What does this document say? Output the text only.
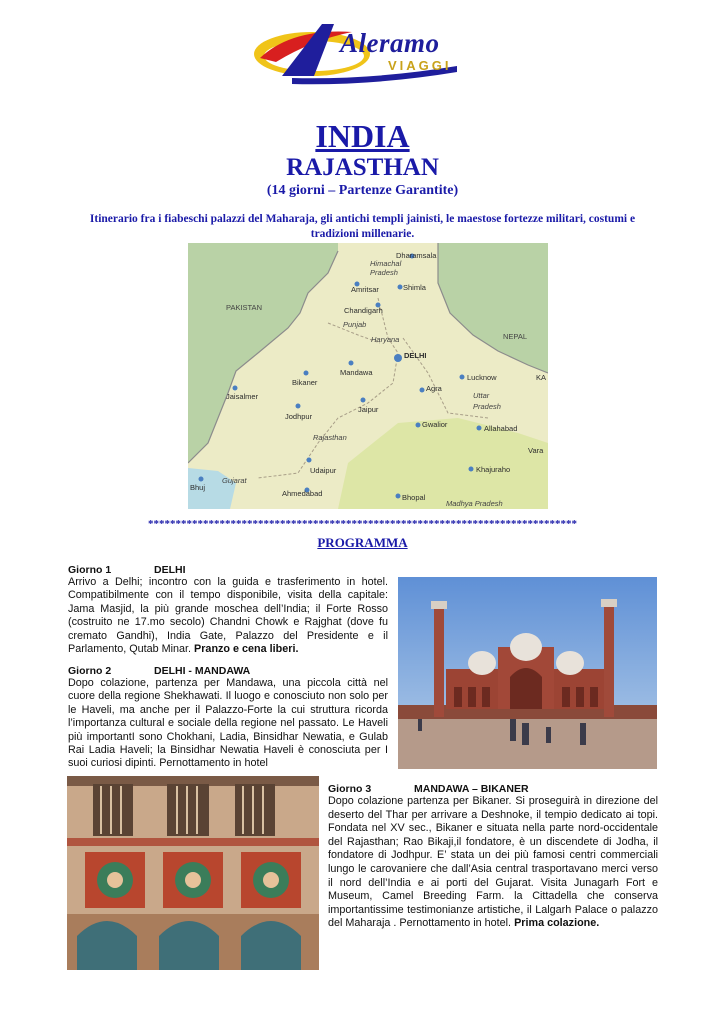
Aleramo
VIAGGI
INDIA
RAJASTHAN
(14 giorni – Partenze Garantite)
Itinerario fra i fiabeschi palazzi del Maharaja, gli antichi templi jainisti, le maestose fortezze militari, costumi e tradizioni millenarie.
Dharamsala
Himachal
Pradesh
PAKISTAN
Amritsar	Shimla
Chandigarh
Punjab
Haryana	NEPAL
DELHI
Mandawa
Bikaner
Lucknow	KA
Jaisalmer
Agra
Uttar
Pradesh
Jodhpur
Jaipur
Gwalior	Allahabad
Rajasthan
Vara
Khajuraho
Udaipur
Gujarat
Bhuj
Ahmedabad	Bhopal
Madhya Pradesh
******************************************************************************
PROGRAMMA
Giorno 1	DELHI
Arrivo a Delhi; incontro con la guida e trasferimento in hotel. Compatibilmente con il tempo disponibile, visita della capitale: Jama Masjid, la più grande moschea dell’India; il Forte Rosso (costruito ne 17.mo secolo) Chandni Chowk e Rajghat (dove fu cremato Gandhi), India Gate, Palazzo del Presidente e il Parlamento, Qutab Minar. Pranzo e cena liberi.
Giorno 2	DELHI - MANDAWA
Dopo colazione, partenza per Mandawa, una piccola città nel cuore della regione Shekhawati. Il luogo e conosciuto non solo per le Haveli, ma anche per il Palazzo-Forte la cui struttura ricorda l’importanza cultural e sociale della regione nel passato. Le Haveli più importantI sono Chokhani, Ladia, Binsidhar Newatia, e Gulab Rai Ladia Haveli; la Binsidhar Newatia Haveli è conosciuta per I suoi curiosi dipinti. Pernottamento in hotel
Giorno 3	MANDAWA – BIKANER
Dopo colazione partenza per Bikaner. Si proseguirà in direzione del deserto del Thar per arrivare a Deshnoke, il tempio dedicato ai topi. Fondata nel XV sec., Bikaner e situata nella parte nord-occidentale del Rajasthan; Rao Bikaji,il fondatore, è un discendete di Jodha, il fondatore di Jodhpur. E’ stata un dei più famosi centri commerciali lungo le carovaniere che dall’Asia central trasportavano merci verso il nord dell’India e ai porti del Gujarat. Visita Junagarh Fort e Museum, Camel Breeding Farm. la Cittadella che conserva importantissime testimonianze artistiche, il Lalgarh Palace o palazzo del Maharaja . Pernottamento in hotel. Prima colazione.
